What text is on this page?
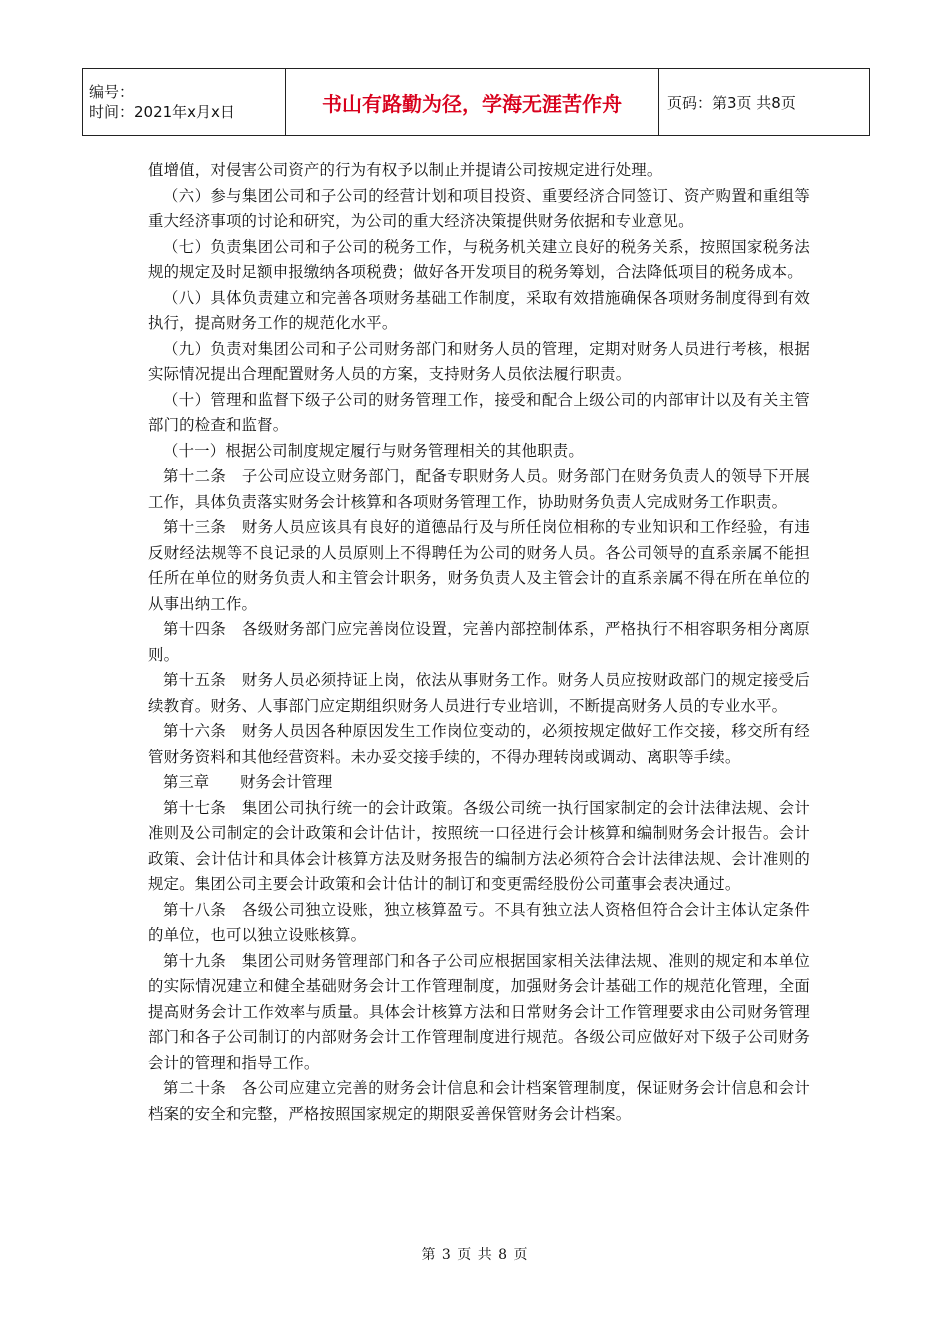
编号：
时间：2021年x月x日	书山有路勤为径，学海无涯苦作舟	页码：第3页 共8页

值增值，对侵害公司资产的行为有权予以制止并提请公司按规定进行处理。

（六）参与集团公司和子公司的经营计划和项目投资、重要经济合同签订、资产购置和重组等重大经济事项的讨论和研究，为公司的重大经济决策提供财务依据和专业意见。

（七）负责集团公司和子公司的税务工作，与税务机关建立良好的税务关系，按照国家税务法规的规定及时足额申报缴纳各项税费；做好各开发项目的税务筹划，合法降低项目的税务成本。

（八）具体负责建立和完善各项财务基础工作制度，采取有效措施确保各项财务制度得到有效执行，提高财务工作的规范化水平。

（九）负责对集团公司和子公司财务部门和财务人员的管理，定期对财务人员进行考核，根据实际情况提出合理配置财务人员的方案，支持财务人员依法履行职责。

（十）管理和监督下级子公司的财务管理工作，接受和配合上级公司的内部审计以及有关主管部门的检查和监督。

（十一）根据公司制度规定履行与财务管理相关的其他职责。

第十二条　子公司应设立财务部门，配备专职财务人员。财务部门在财务负责人的领导下开展工作，具体负责落实财务会计核算和各项财务管理工作，协助财务负责人完成财务工作职责。

第十三条　财务人员应该具有良好的道德品行及与所任岗位相称的专业知识和工作经验，有违反财经法规等不良记录的人员原则上不得聘任为公司的财务人员。各公司领导的直系亲属不能担任所在单位的财务负责人和主管会计职务，财务负责人及主管会计的直系亲属不得在所在单位的从事出纳工作。

第十四条　各级财务部门应完善岗位设置，完善内部控制体系，严格执行不相容职务相分离原则。

第十五条　财务人员必须持证上岗，依法从事财务工作。财务人员应按财政部门的规定接受后续教育。财务、人事部门应定期组织财务人员进行专业培训，不断提高财务人员的专业水平。

第十六条　财务人员因各种原因发生工作岗位变动的，必须按规定做好工作交接，移交所有经管财务资料和其他经营资料。未办妥交接手续的，不得办理转岗或调动、离职等手续。

第三章　　财务会计管理

第十七条　集团公司执行统一的会计政策。各级公司统一执行国家制定的会计法律法规、会计准则及公司制定的会计政策和会计估计，按照统一口径进行会计核算和编制财务会计报告。会计政策、会计估计和具体会计核算方法及财务报告的编制方法必须符合会计法律法规、会计准则的规定。集团公司主要会计政策和会计估计的制订和变更需经股份公司董事会表决通过。

第十八条　各级公司独立设账，独立核算盈亏。不具有独立法人资格但符合会计主体认定条件的单位，也可以独立设账核算。

第十九条　集团公司财务管理部门和各子公司应根据国家相关法律法规、准则的规定和本单位的实际情况建立和健全基础财务会计工作管理制度，加强财务会计基础工作的规范化管理，全面提高财务会计工作效率与质量。具体会计核算方法和日常财务会计工作管理要求由公司财务管理部门和各子公司制订的内部财务会计工作管理制度进行规范。各级公司应做好对下级子公司财务会计的管理和指导工作。

第二十条　各公司应建立完善的财务会计信息和会计档案管理制度，保证财务会计信息和会计档案的安全和完整，严格按照国家规定的期限妥善保管财务会计档案。

第 3 页 共 8 页
